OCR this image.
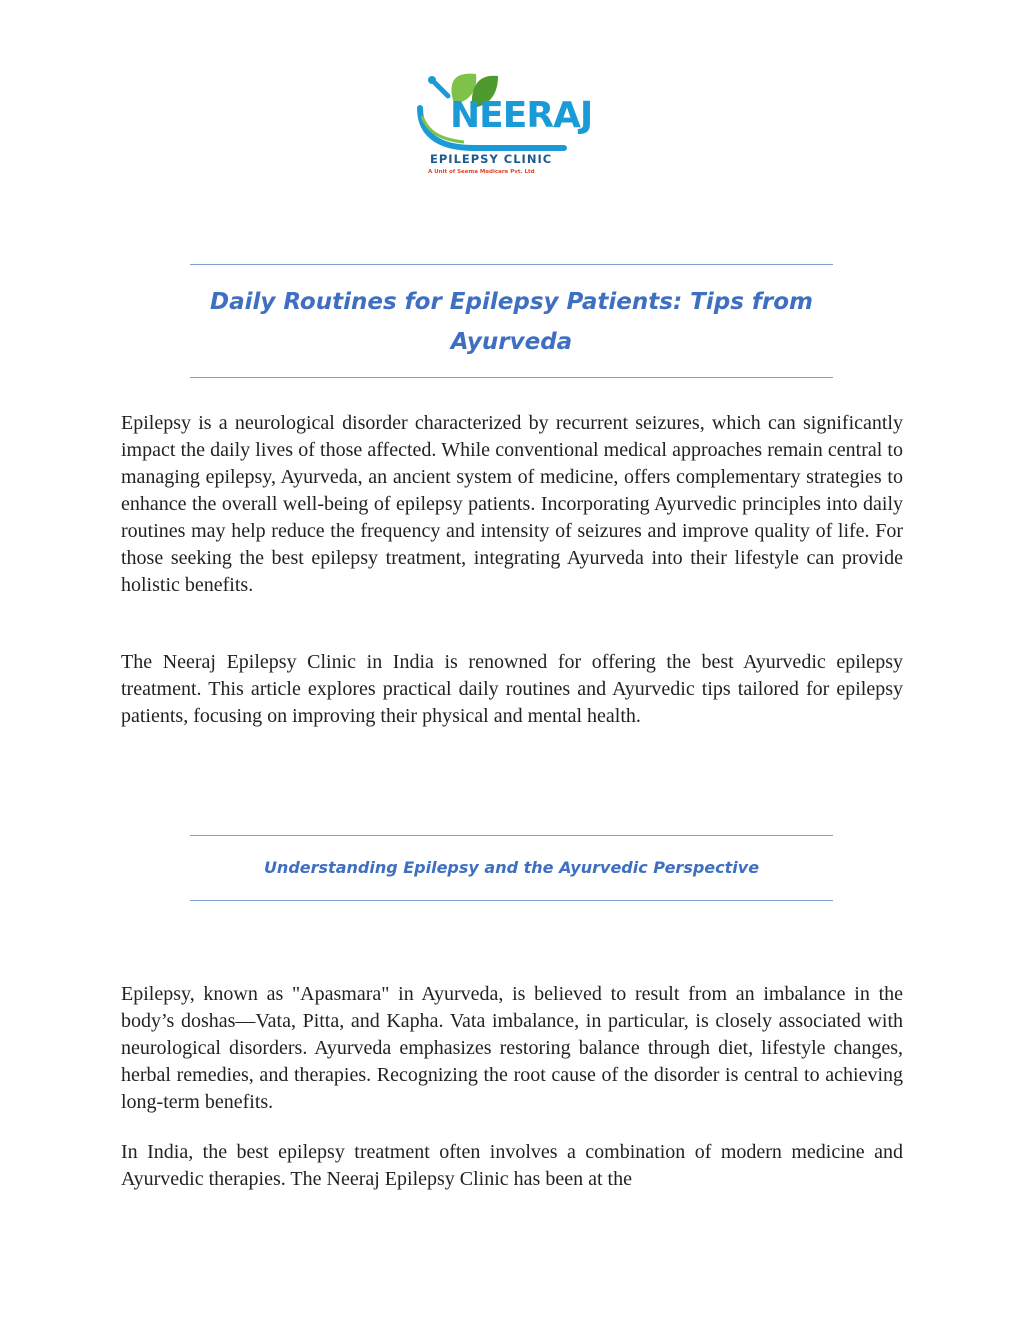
NEERAJ
EPILEPSY CLINIC
A Unit of Seema Medicare Pvt. Ltd
Daily Routines for Epilepsy Patients: Tips from Ayurveda

Epilepsy is a neurological disorder characterized by recurrent seizures, which can significantly impact the daily lives of those affected. While conventional medical approaches remain central to managing epilepsy, Ayurveda, an ancient system of medicine, offers complementary strategies to enhance the overall well-being of epilepsy patients. Incorporating Ayurvedic principles into daily routines may help reduce the frequency and intensity of seizures and improve quality of life. For those seeking the best epilepsy treatment, integrating Ayurveda into their lifestyle can provide holistic benefits.

The Neeraj Epilepsy Clinic in India is renowned for offering the best Ayurvedic epilepsy treatment. This article explores practical daily routines and Ayurvedic tips tailored for epilepsy patients, focusing on improving their physical and mental health.

Understanding Epilepsy and the Ayurvedic Perspective

Epilepsy, known as "Apasmara" in Ayurveda, is believed to result from an imbalance in the body’s doshas—Vata, Pitta, and Kapha. Vata imbalance, in particular, is closely associated with neurological disorders. Ayurveda emphasizes restoring balance through diet, lifestyle changes, herbal remedies, and therapies. Recognizing the root cause of the disorder is central to achieving long-term benefits.

In India, the best epilepsy treatment often involves a combination of modern medicine and Ayurvedic therapies. The Neeraj Epilepsy Clinic has been at the
